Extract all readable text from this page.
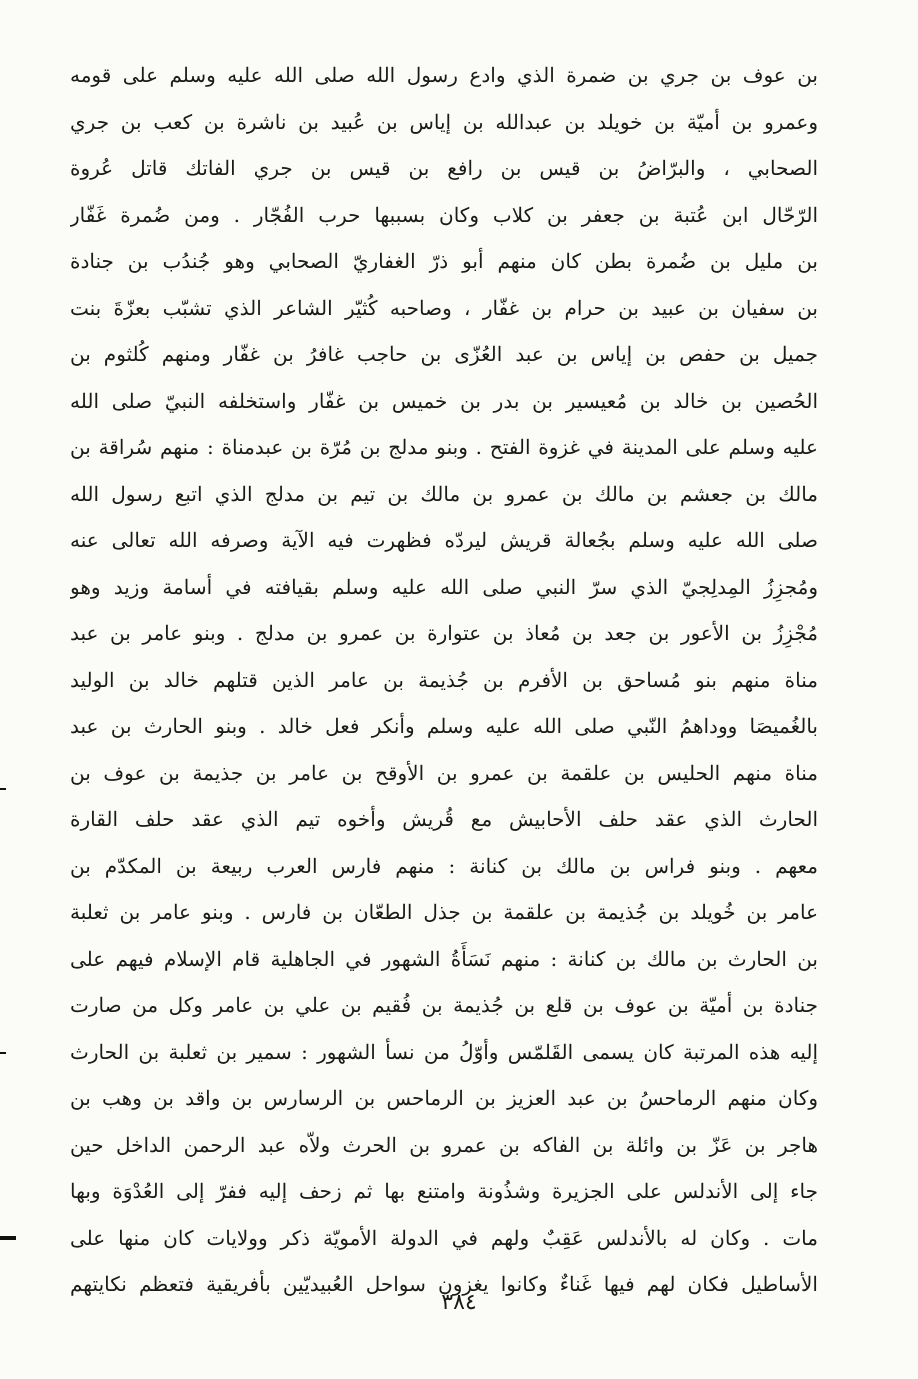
بن عوف بن جري بن ضمرة الذي وادع رسول الله صلى الله عليه وسلم على قومه
وعمرو بن أميّة بن خويلد بن عبدالله بن إياس بن عُبيد بن ناشرة بن كعب بن جري
الصحابي ، والبرّاضُ بن قيس بن رافع بن قيس بن جري الفاتك قاتل عُروة
الرّحّال ابن عُتبة بن جعفر بن كلاب وكان بسببها حرب الفُجّار . ومن ضُمرة غَفّار
بن مليل بن ضُمرة بطن كان منهم أبو ذرّ الغفاريّ الصحابي وهو جُندُب بن جنادة
بن سفيان بن عبيد بن حرام بن غفّار ، وصاحبه كُثيّر الشاعر الذي تشبّب بعزّةَ بنت
جميل بن حفص بن إياس بن عبد العُزّى بن حاجب غافرُ بن غفّار ومنهم كُلثوم بن
الحُصين بن خالد بن مُعيسير بن بدر بن خميس بن غفّار واستخلفه النبيّ صلى الله
عليه وسلم على المدينة في غزوة الفتح . وبنو مدلج بن مُرّة بن عبدمناة : منهم سُراقة بن
مالك بن جعشم بن مالك بن عمرو بن مالك بن تيم بن مدلج الذي اتبع رسول الله
صلى الله عليه وسلم بجُعالة قريش ليردّه فظهرت فيه الآية وصرفه الله تعالى عنه
ومُجزِزُ المِدلِجيّ الذي سرّ النبي صلى الله عليه وسلم بقيافته في أسامة وزيد وهو
مُجْزِزُ بن الأعور بن جعد بن مُعاذ بن عتوارة بن عمرو بن مدلج . وبنو عامر بن عبد
مناة منهم بنو مُساحق بن الأفرم بن جُذيمة بن عامر الذين قتلهم خالد بن الوليد
بالغُميصَا ووداهمُ النّبي صلى الله عليه وسلم وأنكر فعل خالد . وبنو الحارث بن عبد
مناة منهم الحليس بن علقمة بن عمرو بن الأوقح بن عامر بن جذيمة بن عوف بن
الحارث الذي عقد حلف الأحابيش مع قُريش وأخوه تيم الذي عقد حلف القارة
معهم . وبنو فراس بن مالك بن كنانة : منهم فارس العرب ربيعة بن المكدّم بن
عامر بن خُويلد بن جُذيمة بن علقمة بن جذل الطعّان بن فارس . وبنو عامر بن ثعلبة
بن الحارث بن مالك بن كنانة : منهم نَسَأَةُ الشهور في الجاهلية قام الإسلام فيهم على
جنادة بن أميّة بن عوف بن قلع بن جُذيمة بن فُقيم بن علي بن عامر وكل من صارت
إليه هذه المرتبة كان يسمى القَلمّس وأوّلُ من نسأ الشهور : سمير بن ثعلبة بن الحارث
وكان منهم الرماحسُ بن عبد العزيز بن الرماحس بن الرسارس بن واقد بن وهب بن
هاجر بن عَزّ بن وائلة بن الفاكه بن عمرو بن الحرث ولاّه عبد الرحمن الداخل حين
جاء إلى الأندلس على الجزيرة وشذُونة وامتنع بها ثم زحف إليه ففرّ إلى العُدْوَة وبها
مات . وكان له بالأندلس عَقِبٌ ولهم في الدولة الأمويّة ذكر وولايات كان منها على
الأساطيل فكان لهم فيها غَناءٌ وكانوا يغزون سواحل العُبيديّين بأفريقية فتعظم نكايتهم
٣٨٤
